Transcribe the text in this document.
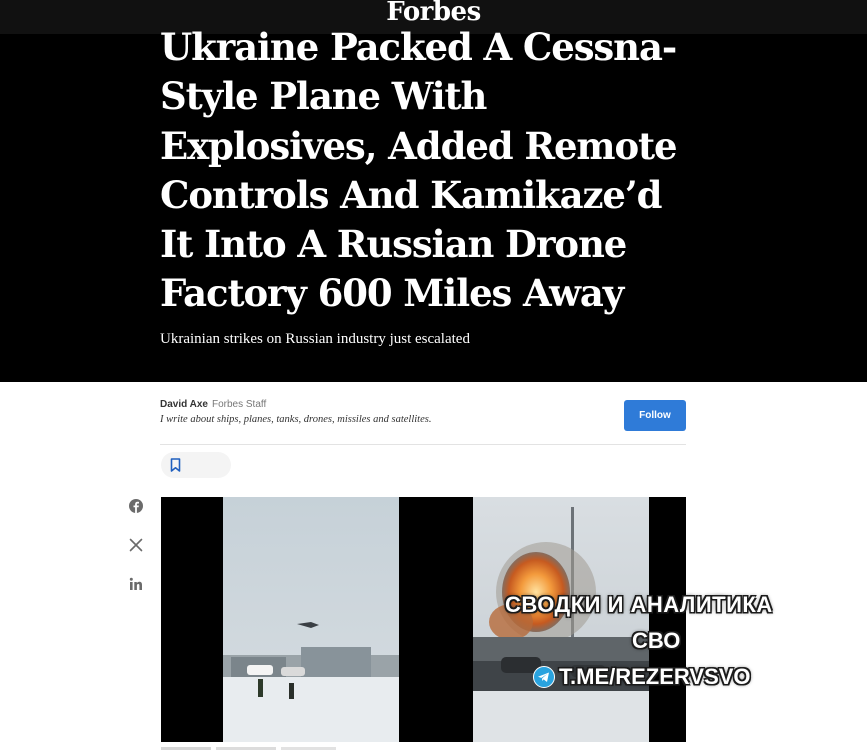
Forbes
Ukraine Packed A Cessna-Style Plane With Explosives, Added Remote Controls And Kamikaze’d It Into A Russian Drone Factory 600 Miles Away
Ukrainian strikes on Russian industry just escalated
David Axe Forbes Staff
I write about ships, planes, tanks, drones, missiles and satellites.	Follow
СВОДКИ И АНАЛИТИКА
СВО
T.ME/REZERVSVO
